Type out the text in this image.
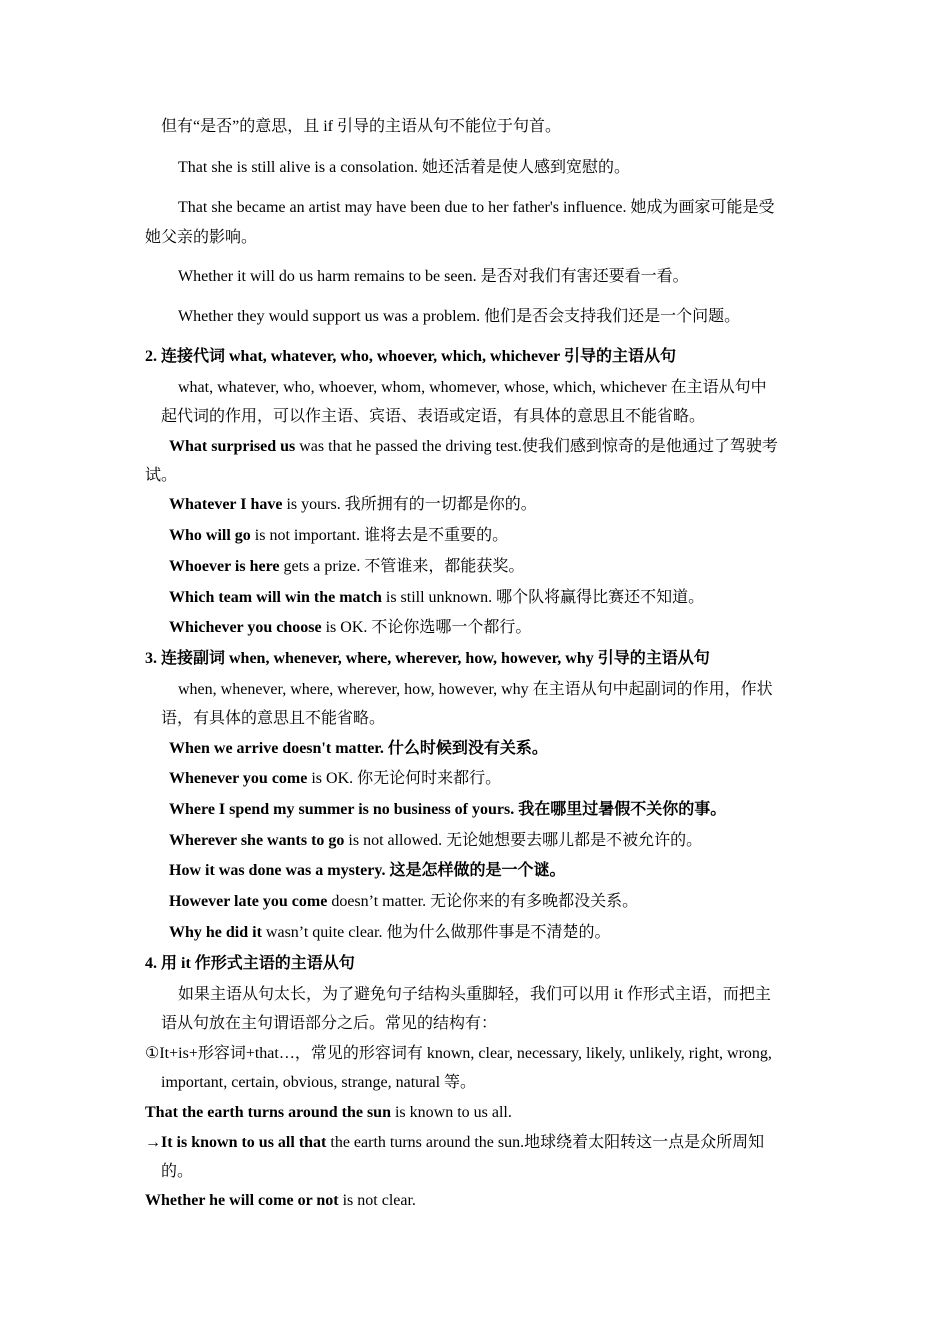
但有“是否”的意思，且 if 引导的主语从句不能位于句首。
That she is still alive is a consolation. 她还活着是使人感到宽慰的。
That she became an artist may have been due to her father's influence. 她成为画家可能是受
她父亲的影响。
Whether it will do us harm remains to be seen. 是否对我们有害还要看一看。
Whether they would support us was a problem. 他们是否会支持我们还是一个问题。
2. 连接代词 what, whatever, who, whoever, which, whichever 引导的主语从句
what, whatever, who, whoever, whom, whomever, whose, which, whichever 在主语从句中
起代词的作用，可以作主语、宾语、表语或定语，有具体的意思且不能省略。
What surprised us was that he passed the driving test.使我们感到惊奇的是他通过了驾驶考
试。
Whatever I have is yours. 我所拥有的一切都是你的。
Who will go is not important. 谁将去是不重要的。
Whoever is here gets a prize. 不管谁来，都能获奖。
Which team will win the match is still unknown. 哪个队将赢得比赛还不知道。
Whichever you choose is OK. 不论你选哪一个都行。
3. 连接副词 when, whenever, where, wherever, how, however, why 引导的主语从句
when, whenever, where, wherever, how, however, why 在主语从句中起副词的作用，作状
语，有具体的意思且不能省略。
When we arrive doesn't matter. 什么时候到没有关系。
Whenever you come is OK. 你无论何时来都行。
Where I spend my summer is no business of yours. 我在哪里过暑假不关你的事。
Wherever she wants to go is not allowed. 无论她想要去哪儿都是不被允许的。
How it was done was a mystery. 这是怎样做的是一个谜。
However late you come doesn’t matter. 无论你来的有多晚都没关系。
Why he did it wasn’t quite clear. 他为什么做那件事是不清楚的。
4. 用 it 作形式主语的主语从句
如果主语从句太长，为了避免句子结构头重脚轻，我们可以用 it 作形式主语，而把主
语从句放在主句谓语部分之后。常见的结构有：
①It+is+形容词+that…，常见的形容词有 known, clear, necessary, likely, unlikely, right, wrong,
important, certain, obvious, strange, natural 等。
That the earth turns around the sun is known to us all.
→It is known to us all that the earth turns around the sun.地球绕着太阳转这一点是众所周知
的。
Whether he will come or not is not clear.
